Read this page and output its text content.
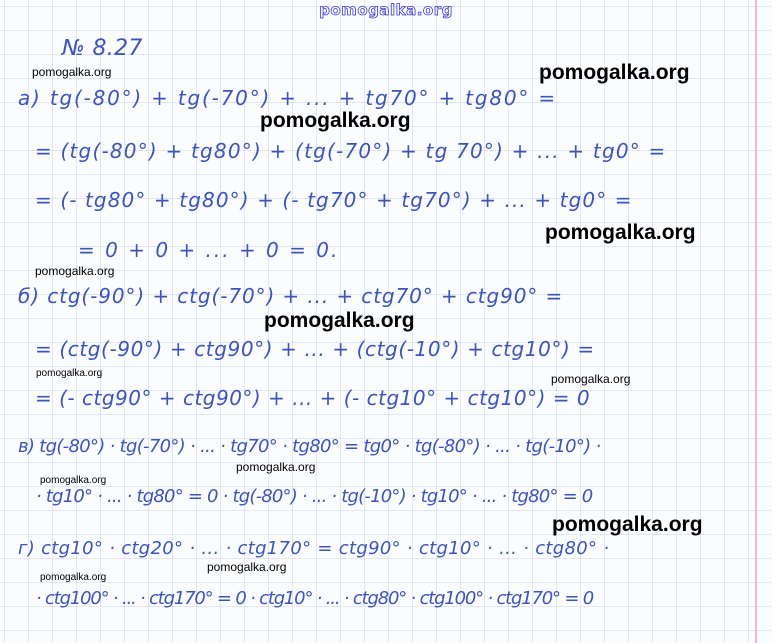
pomogalka.org
№ 8.27
а) tg(-80°) + tg(-70°) + ... + tg70° + tg80° =
= (tg(-80°) + tg80°) + (tg(-70°) + tg 70°) + ... + tg0° =
= (- tg80° + tg80°) + (- tg70° + tg70°) + ... + tg0° =
= 0 + 0 + ... + 0 = 0.
б) ctg(-90°) + ctg(-70°) + ... + ctg70° + ctg90° =
= (ctg(-90°) + ctg90°) + ... + (ctg(-10°) + ctg10°) =
= (- ctg90° + ctg90°) + ... + (- ctg10° + ctg10°) = 0
в) tg(-80°) · tg(-70°) · ... · tg70° · tg80° = tg0° · tg(-80°) · ... · tg(-10°) ·
· tg10° · ... · tg80° = 0 · tg(-80°) · ... · tg(-10°) · tg10° · ... · tg80° = 0
г) ctg10° · ctg20° · ... · ctg170° = ctg90° · ctg10° · ... · ctg80° ·
· ctg100° · ... · ctg170° = 0 · ctg10° · ... · ctg80° · ctg100° · ctg170° = 0
pomogalka.org	pomogalka.org
pomogalka.org
pomogalka.org
pomogalka.org
pomogalka.org
pomogalka.org	pomogalka.org
pomogalka.org
pomogalka.org
pomogalka.org
pomogalka.org
pomogalka.org
